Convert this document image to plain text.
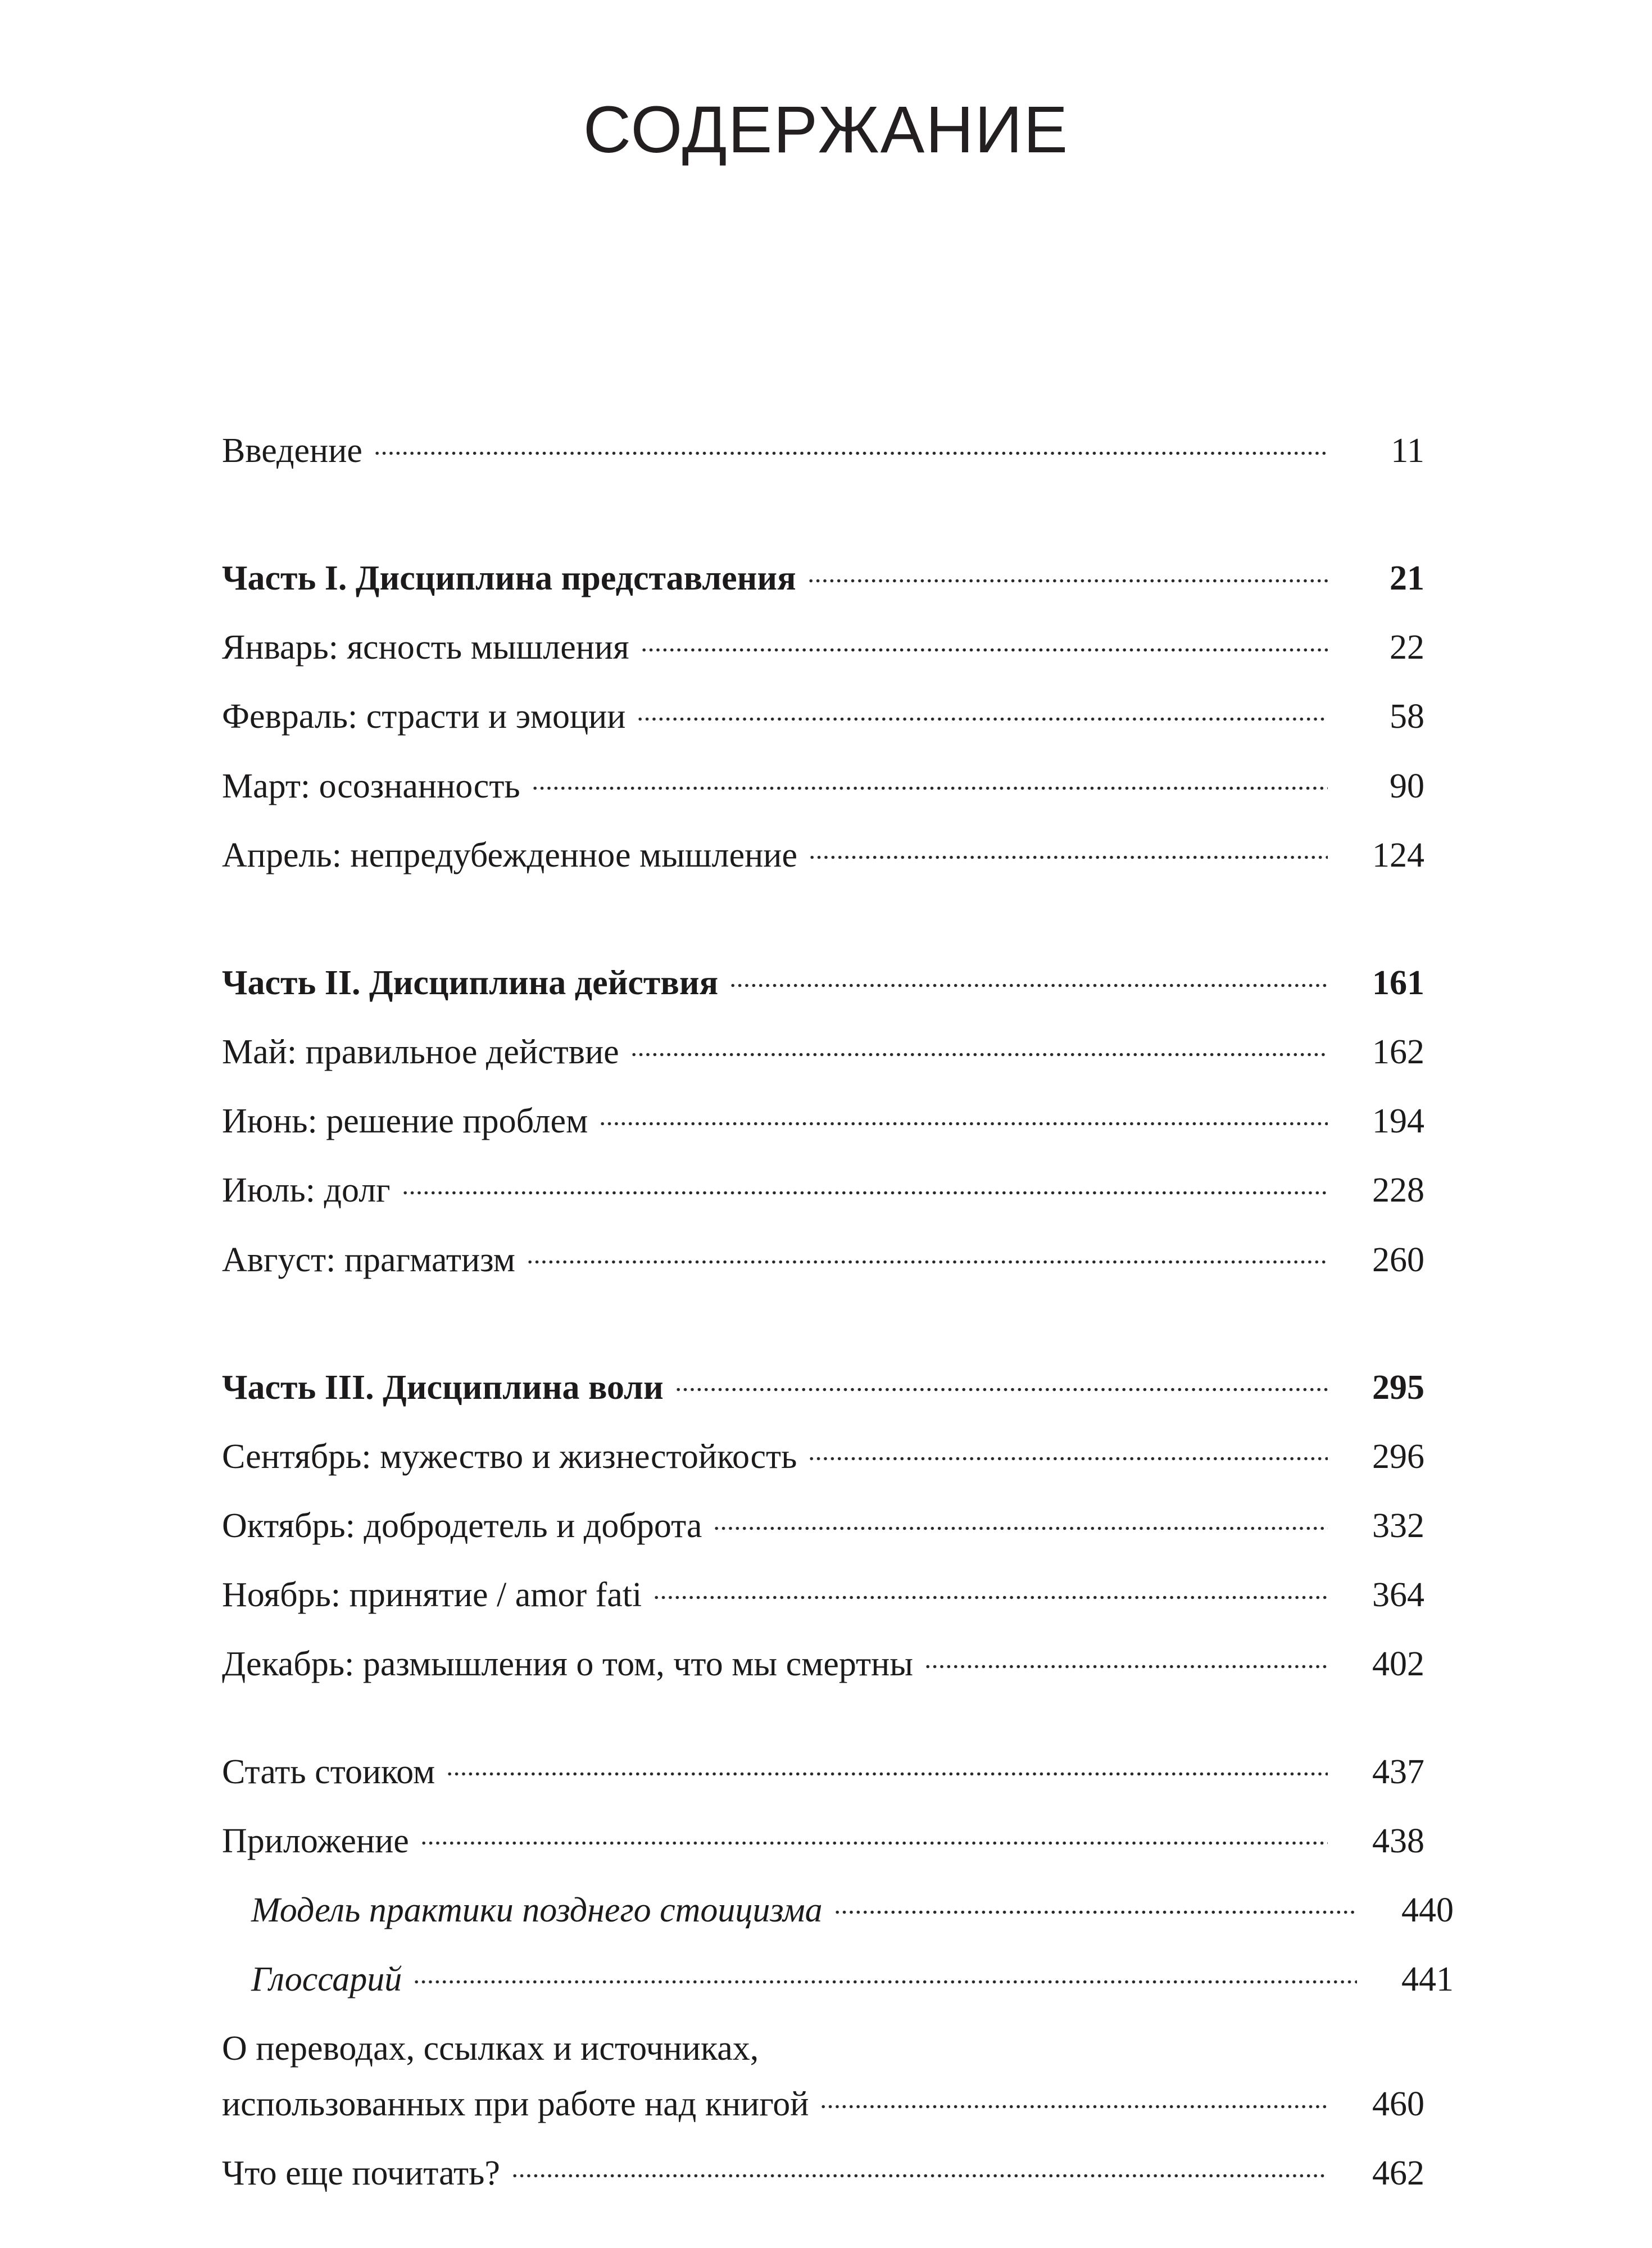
СОДЕРЖАНИЕ
Введение	11
Часть I. Дисциплина представления	21
Январь: ясность мышления	22
Февраль: страсти и эмоции	58
Март: осознанность	90
Апрель: непредубежденное мышление	124
Часть II. Дисциплина действия	161
Май: правильное действие	162
Июнь: решение проблем	194
Июль: долг	228
Август: прагматизм	260
Часть III. Дисциплина воли	295
Сентябрь: мужество и жизнестойкость	296
Октябрь: добродетель и доброта	332
Ноябрь: принятие / amor fati	364
Декабрь: размышления о том, что мы смертны	402
Стать стоиком	437
Приложение	438
Модель практики позднего стоицизма	440
Глоссарий	441
О переводах, ссылках и источниках,
использованных при работе над книгой	460
Что еще почитать?	462
